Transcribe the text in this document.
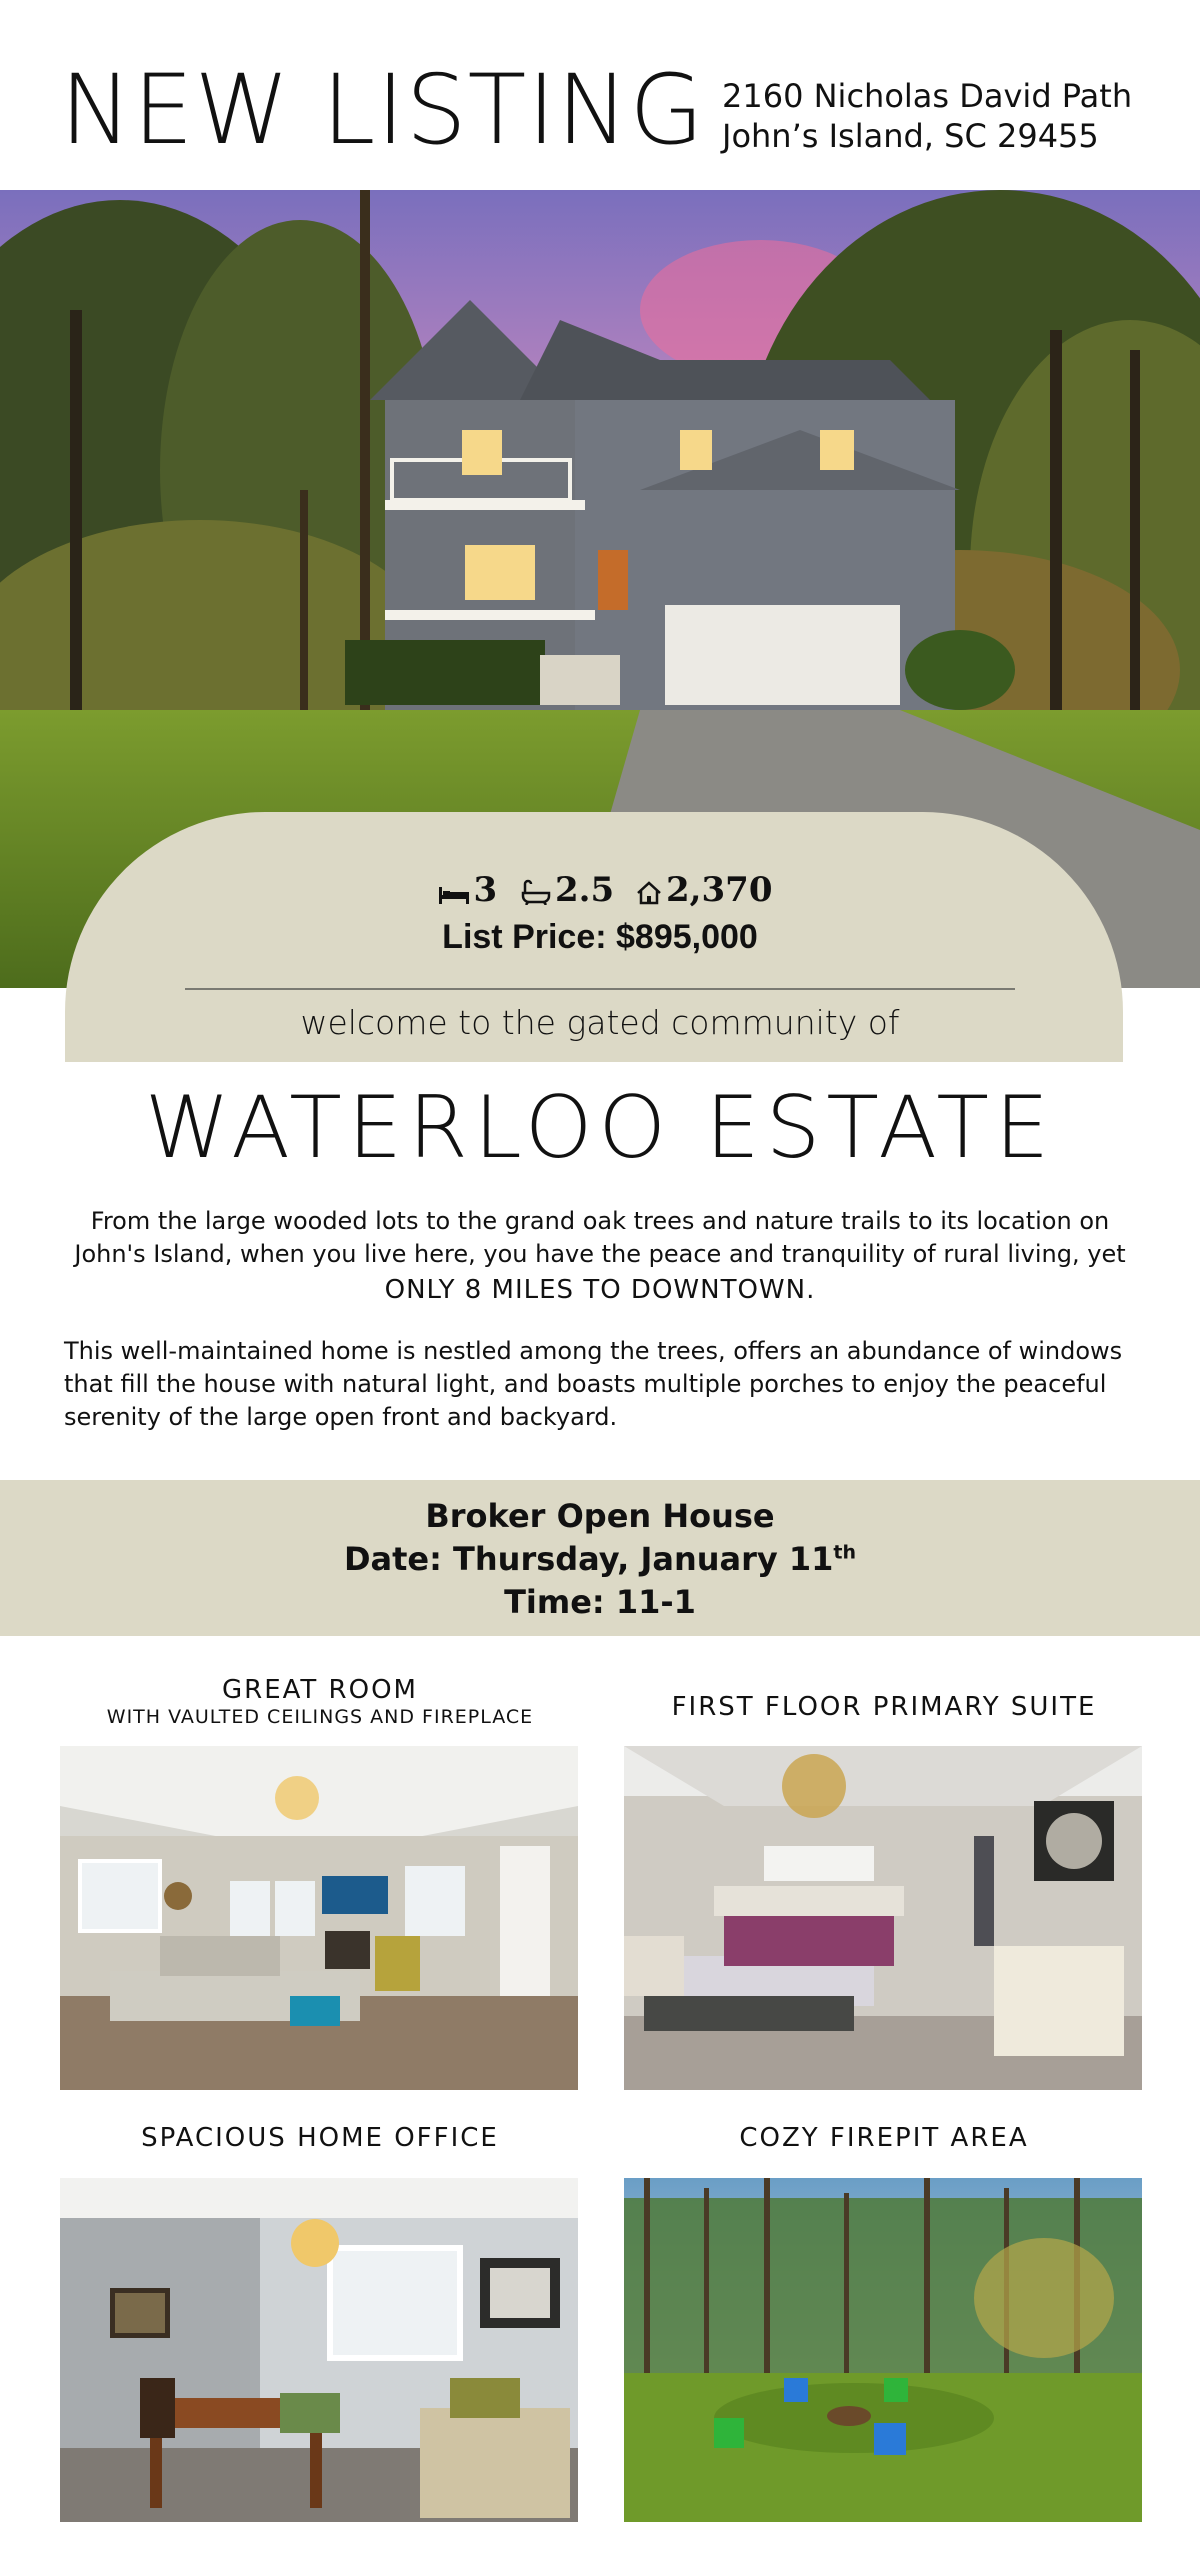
NEW LISTING 2160 Nicholas David Path
John’s Island, SC 29455
3 2.5 2,370
List Price: $895,000
welcome to the gated community of
WATERLOO ESTATE
From the large wooded lots to the grand oak trees and nature trails to its location on John's Island, when you live here, you have the peace and tranquility of rural living, yet
ONLY 8 MILES TO DOWNTOWN.
This well-maintained home is nestled among the trees, offers an abundance of windows that fill the house with natural light, and boasts multiple porches to enjoy the peaceful serenity of the large open front and backyard.
Broker Open House
Date: Thursday, January 11th
Time: 11-1
GREAT ROOM
WITH VAULTED CEILINGS AND FIREPLACE	FIRST FLOOR PRIMARY SUITE
SPACIOUS HOME OFFICE	COZY FIREPIT AREA
